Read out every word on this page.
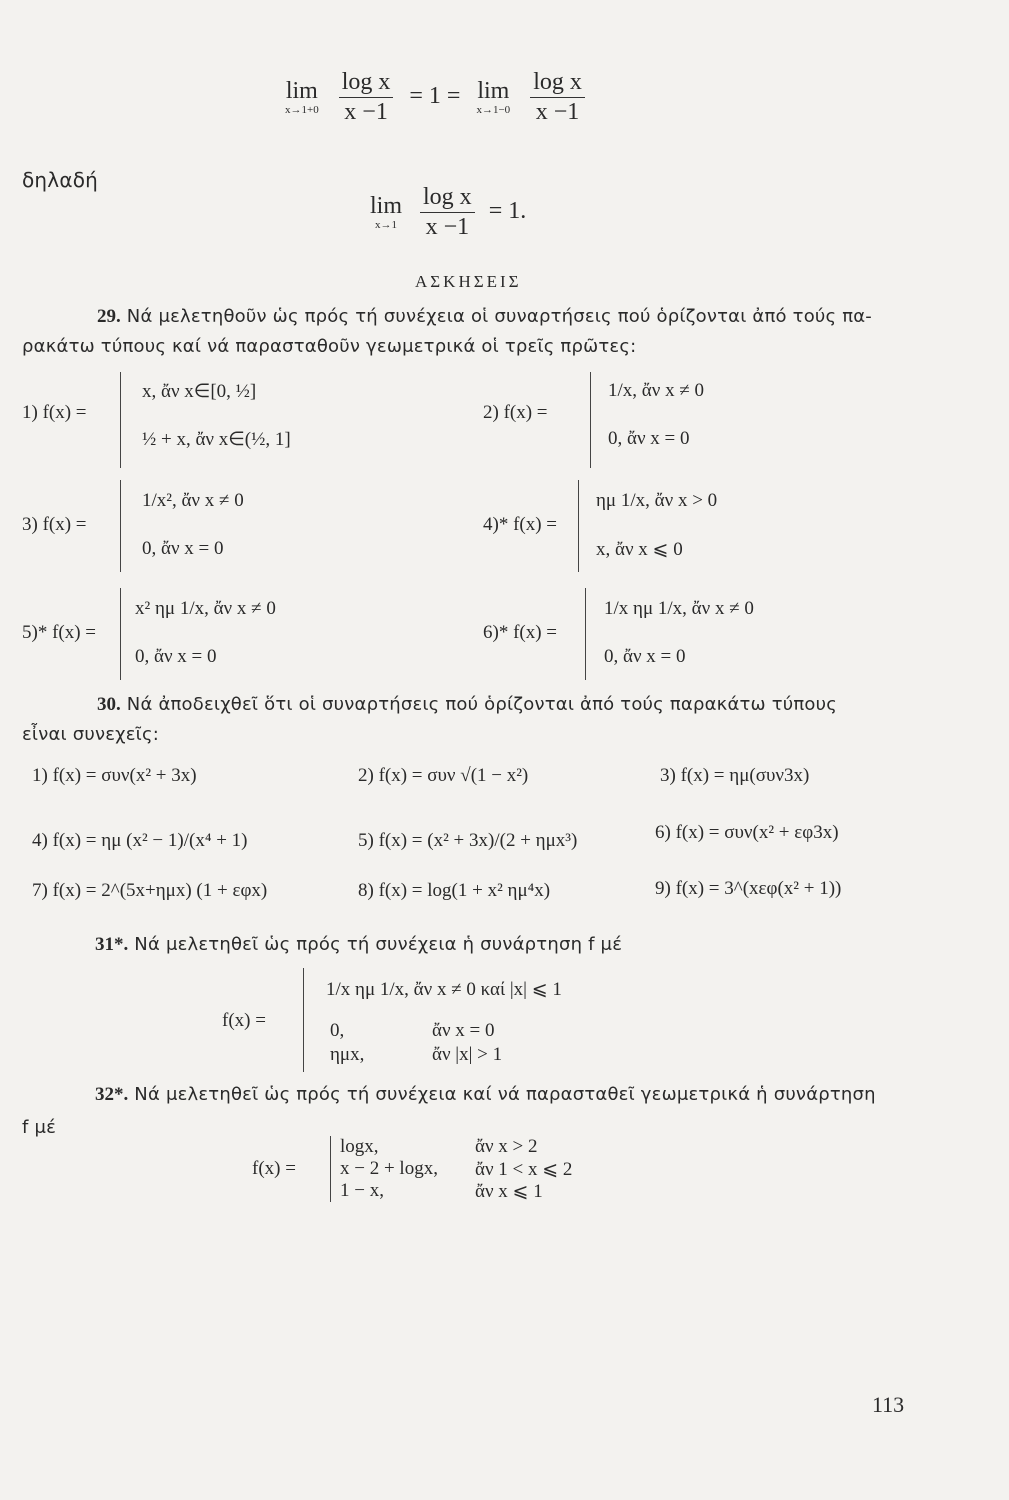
lim
x→1+0
$\frac{\text{log x}}{x -1} = 1 = \lim$
x→1−0
$\frac{\text{log x}}{x -1}$
δηλαδή
lim
x→1
$\frac{\text{log x}}{x -1} = 1$.
ΑΣΚΗΣΕΙΣ
29. Νά μελετηθοῦν ὡς πρός τή συνέχεια οἱ συναρτήσεις πού ὁρίζονται ἀπό τούς πα-
ρακάτω τύπους καί νά παρασταθοῦν γεωμετρικά οἱ τρεῖς πρῶτες:
1) f(x) =
x, ἄν x∈[0, ½]
½ + x, ἄν x∈(½, 1]
2) f(x) =
1/x, ἄν x ≠ 0
0, ἄν x = 0
3) f(x) =
1/x², ἄν x ≠ 0
0, ἄν x = 0
4)* f(x) =
ημ 1/x, ἄν x > 0
x, ἄν x ⩽ 0
5)* f(x) =
x² ημ 1/x, ἄν x ≠ 0
0, ἄν x = 0
6)* f(x) =
1/x ημ 1/x, ἄν x ≠ 0
0, ἄν x = 0
30. Νά ἀποδειχθεῖ ὅτι οἱ συναρτήσεις πού ὁρίζονται ἀπό τούς παρακάτω τύπους
εἶναι συνεχεῖς:
1) f(x) = συν(x² + 3x)	2) f(x) = συν √(1 − x²)	3) f(x) = ημ(συν3x)
4) f(x) = ημ (x² − 1)/(x⁴ + 1)	5) f(x) = (x² + 3x)/(2 + ημx³)	6) f(x) = συν(x² + εφ3x)
7) f(x) = 2^(5x+ημx) (1 + εφx)	8) f(x) = log(1 + x² ημ⁴x)	9) f(x) = 3^(xεφ(x² + 1))
31*. Νά μελετηθεῖ ὡς πρός τή συνέχεια ἡ συνάρτηση f μέ
f(x) =
1/x ημ 1/x, ἄν x ≠ 0 καί |x| ⩽ 1
0,	ἄν x = 0
ημx,	ἄν |x| > 1
32*. Νά μελετηθεῖ ὡς πρός τή συνέχεια καί νά παρασταθεῖ γεωμετρικά ἡ συνάρτηση
f μέ
f(x) =
logx,	ἄν x > 2
x − 2 + logx, ἄν 1 < x ⩽ 2
1 − x,	ἄν x ⩽ 1
113
